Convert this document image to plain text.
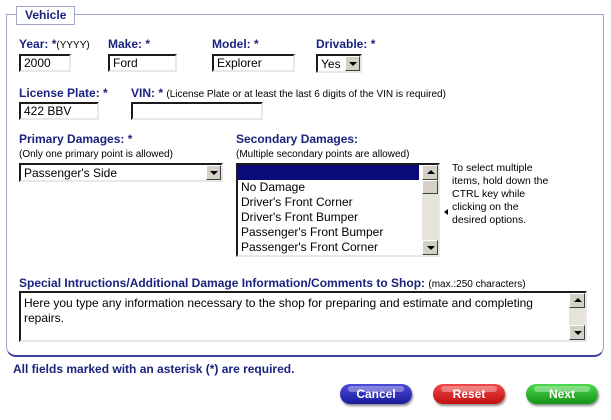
Vehicle
Year: *(YYYY)
2000
Make: *
Ford
Model: *
Explorer
Drivable: *
Yes
License Plate: *
422 BBV
VIN: * (License Plate or at least the last 6 digits of the VIN is required)
Primary Damages: *
(Only one primary point is allowed)
Passenger's Side
Secondary Damages:
(Multiple secondary points are allowed)

No Damage
Driver's Front Corner
Driver's Front Bumper
Passenger's Front Bumper
Passenger's Front Corner
To select multiple items, hold down the CTRL key while clicking on the desired options.
Special Intructions/Additional Damage Information/Comments to Shop: (max.:250 characters)
Here you type any information necessary to the shop for preparing and estimate and completing repairs.
All fields marked with an asterisk (*) are required.
Cancel	Reset	Next
